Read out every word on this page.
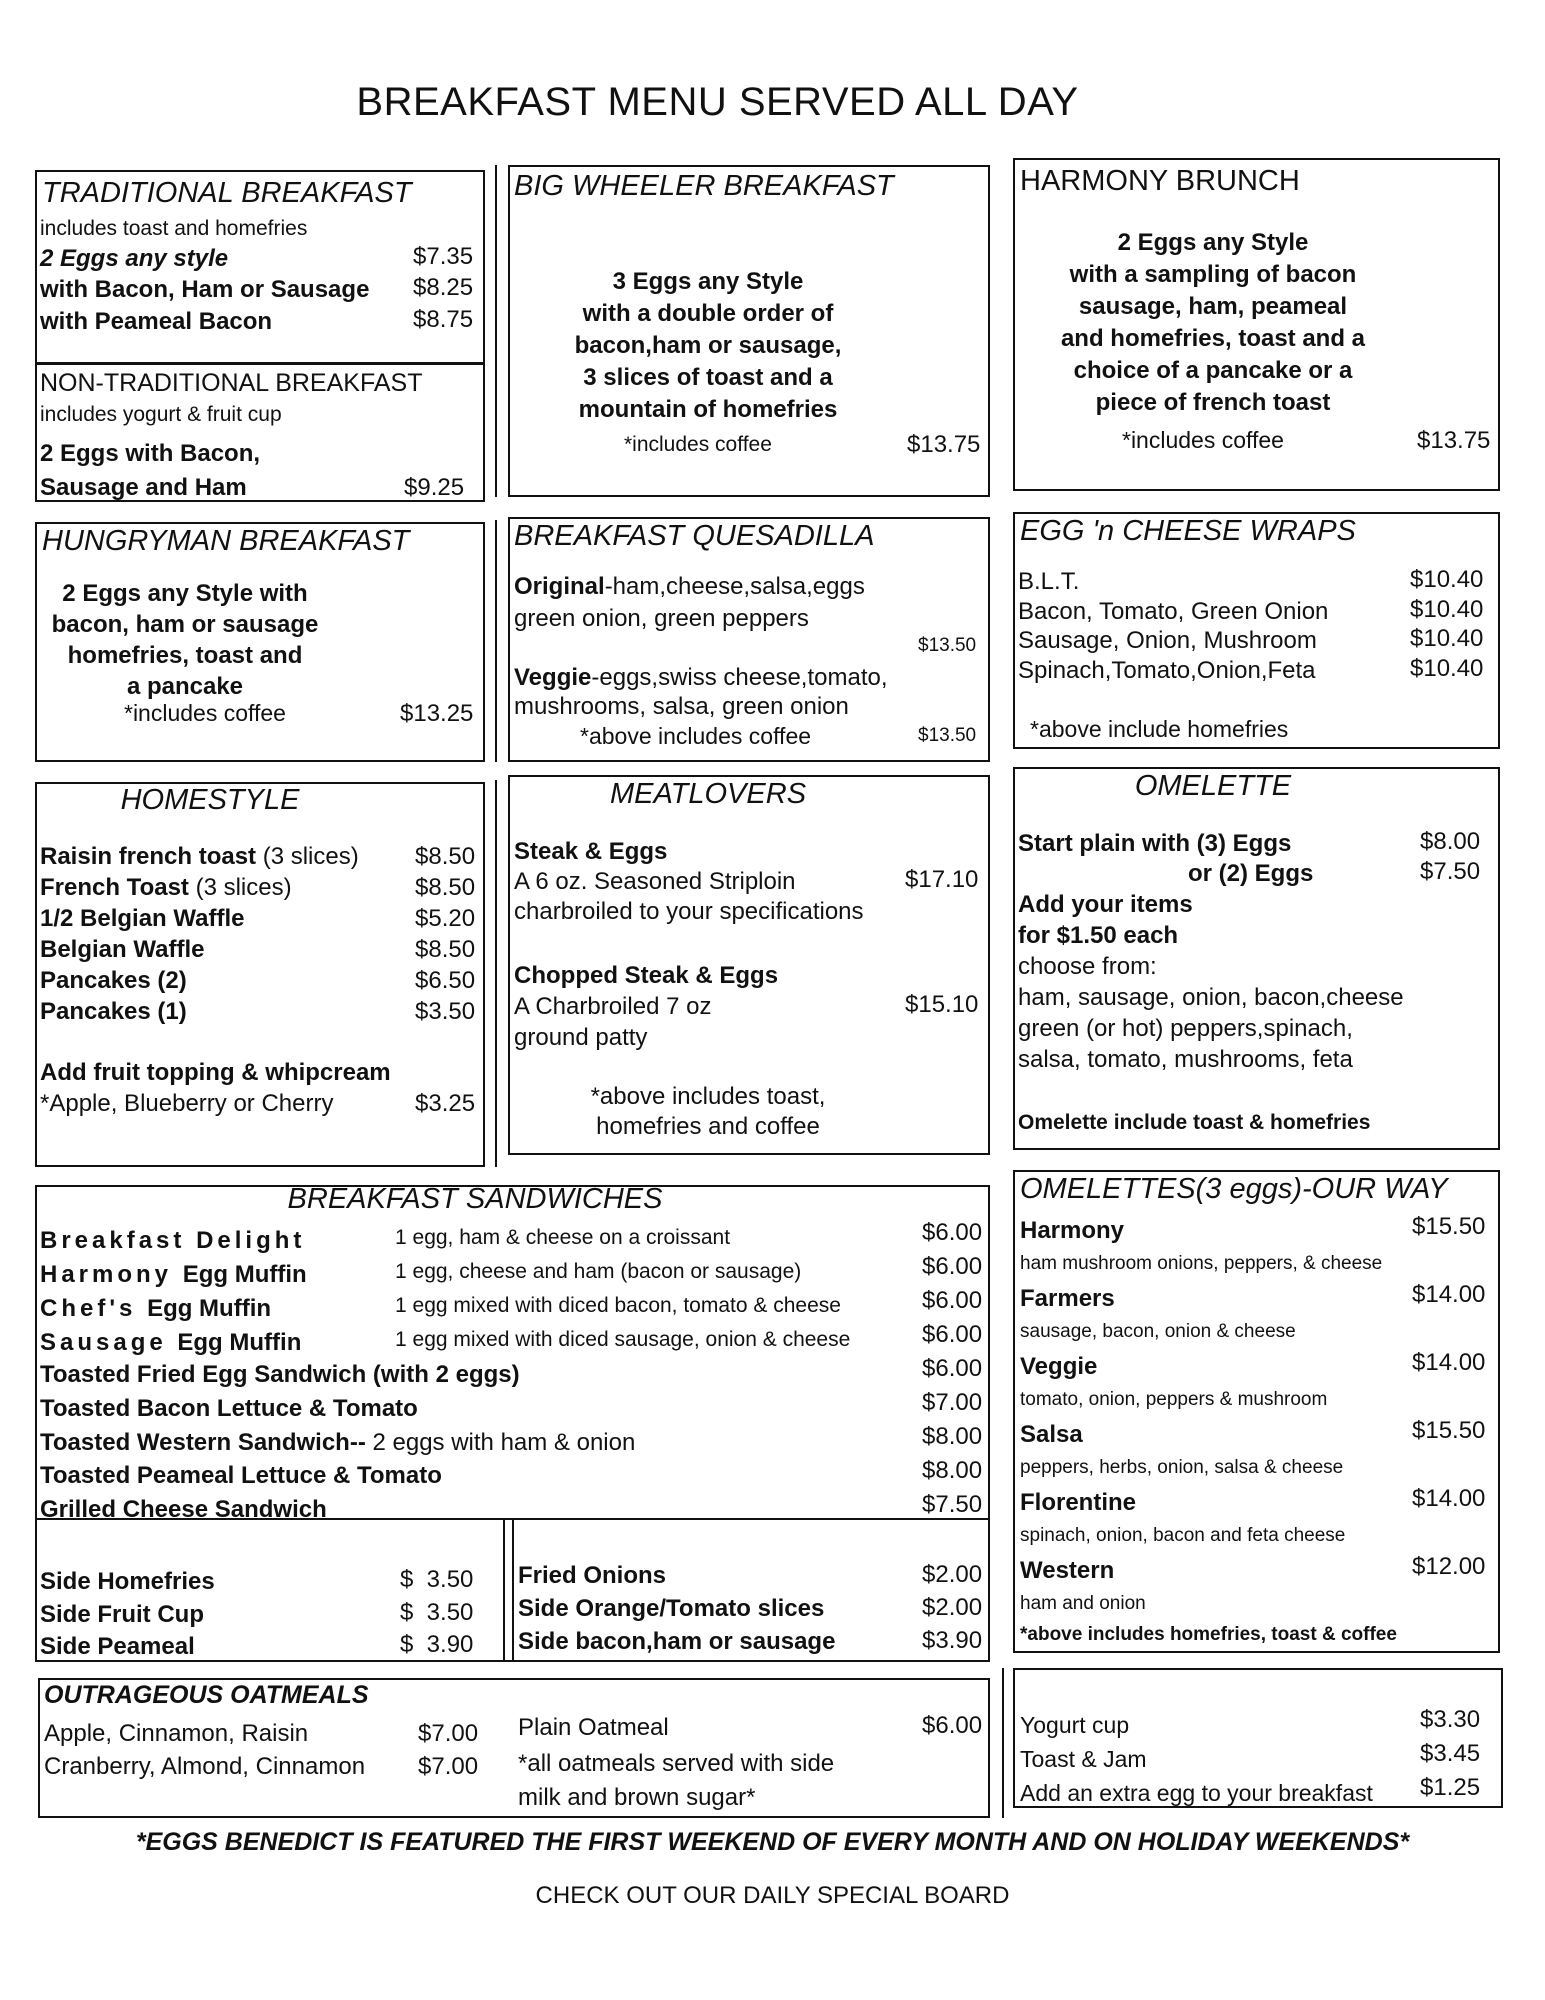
BREAKFAST MENU SERVED ALL DAY
TRADITIONAL BREAKFAST
includes toast and homefries
2 Eggs any style	$7.35
with Bacon, Ham or Sausage $8.25
with Peameal Bacon	$8.75
NON-TRADITIONAL BREAKFAST
includes yogurt & fruit cup
2 Eggs with Bacon,
Sausage and Ham	$9.25
BIG WHEELER BREAKFAST
3 Eggs any Style
with a double order of
bacon,ham or sausage,
3 slices of toast and a
mountain of homefries
*includes coffee	$13.75
HARMONY BRUNCH
2 Eggs any Style
with a sampling of bacon
sausage, ham, peameal
and homefries, toast and a
choice of a pancake or a
piece of french toast
*includes coffee	$13.75
HUNGRYMAN BREAKFAST
2 Eggs any Style with
bacon, ham or sausage
homefries, toast and
a pancake
*includes coffee	$13.25
BREAKFAST QUESADILLA
Original-ham,cheese,salsa,eggs
green onion, green peppers
$13.50
Veggie-eggs,swiss cheese,tomato,
mushrooms, salsa, green onion
*above includes coffee	$13.50
EGG 'n CHEESE WRAPS
B.L.T.	$10.40
Bacon, Tomato, Green Onion	$10.40
Sausage, Onion, Mushroom	$10.40
Spinach,Tomato,Onion,Feta	$10.40
*above include homefries
HOMESTYLE
Raisin french toast (3 slices) $8.50
French Toast (3 slices)	$8.50
1/2 Belgian Waffle	$5.20
Belgian Waffle	$8.50
Pancakes (2)	$6.50
Pancakes (1)	$3.50
Add fruit topping & whipcream
*Apple, Blueberry or Cherry	$3.25
MEATLOVERS
Steak & Eggs
A 6 oz. Seasoned Striploin	$17.10
charbroiled to your specifications
Chopped Steak & Eggs
A Charbroiled 7 oz	$15.10
ground patty
*above includes toast,
homefries and coffee
OMELETTE
Start plain with (3) Eggs	$8.00
or (2) Eggs	$7.50
Add your items
for $1.50 each
choose from:
ham, sausage, onion, bacon,cheese
green (or hot) peppers,spinach,
salsa, tomato, mushrooms, feta
Omelette include toast & homefries
BREAKFAST SANDWICHES
Breakfast Delight	1 egg, ham & cheese on a croissant	$6.00
Harmony Egg Muffin	1 egg, cheese and ham (bacon or sausage)	$6.00
Chef's Egg Muffin	1 egg mixed with diced bacon, tomato & cheese	$6.00
Sausage Egg Muffin	1 egg mixed with diced sausage, onion & cheese	$6.00
Toasted Fried Egg Sandwich (with 2 eggs)	$6.00
Toasted Bacon Lettuce & Tomato	$7.00
Toasted Western Sandwich-- 2 eggs with ham & onion	$8.00
Toasted Peameal Lettuce & Tomato	$8.00
Grilled Cheese Sandwich	$7.50
Side Homefries	$  3.50
Side Fruit Cup	$  3.50
Side Peameal	$  3.90
Fried Onions	$2.00
Side Orange/Tomato slices	$2.00
Side bacon,ham or sausage	$3.90
OMELETTES(3 eggs)-OUR WAY
Harmony	$15.50
ham mushroom onions, peppers, & cheese
Farmers	$14.00
sausage, bacon, onion & cheese
Veggie	$14.00
tomato, onion, peppers & mushroom
Salsa	$15.50
peppers, herbs, onion, salsa & cheese
Florentine	$14.00
spinach, onion, bacon and feta cheese
Western	$12.00
ham and onion
*above includes homefries, toast & coffee
OUTRAGEOUS OATMEALS
Apple, Cinnamon, Raisin	$7.00
Cranberry, Almond, Cinnamon $7.00
Plain Oatmeal	$6.00
*all oatmeals served with side
milk and brown sugar*
Yogurt cup	$3.30
Toast & Jam	$3.45
Add an extra egg to your breakfast $1.25
*EGGS BENEDICT IS FEATURED THE FIRST WEEKEND OF EVERY MONTH AND ON HOLIDAY WEEKENDS*
CHECK OUT OUR DAILY SPECIAL BOARD
